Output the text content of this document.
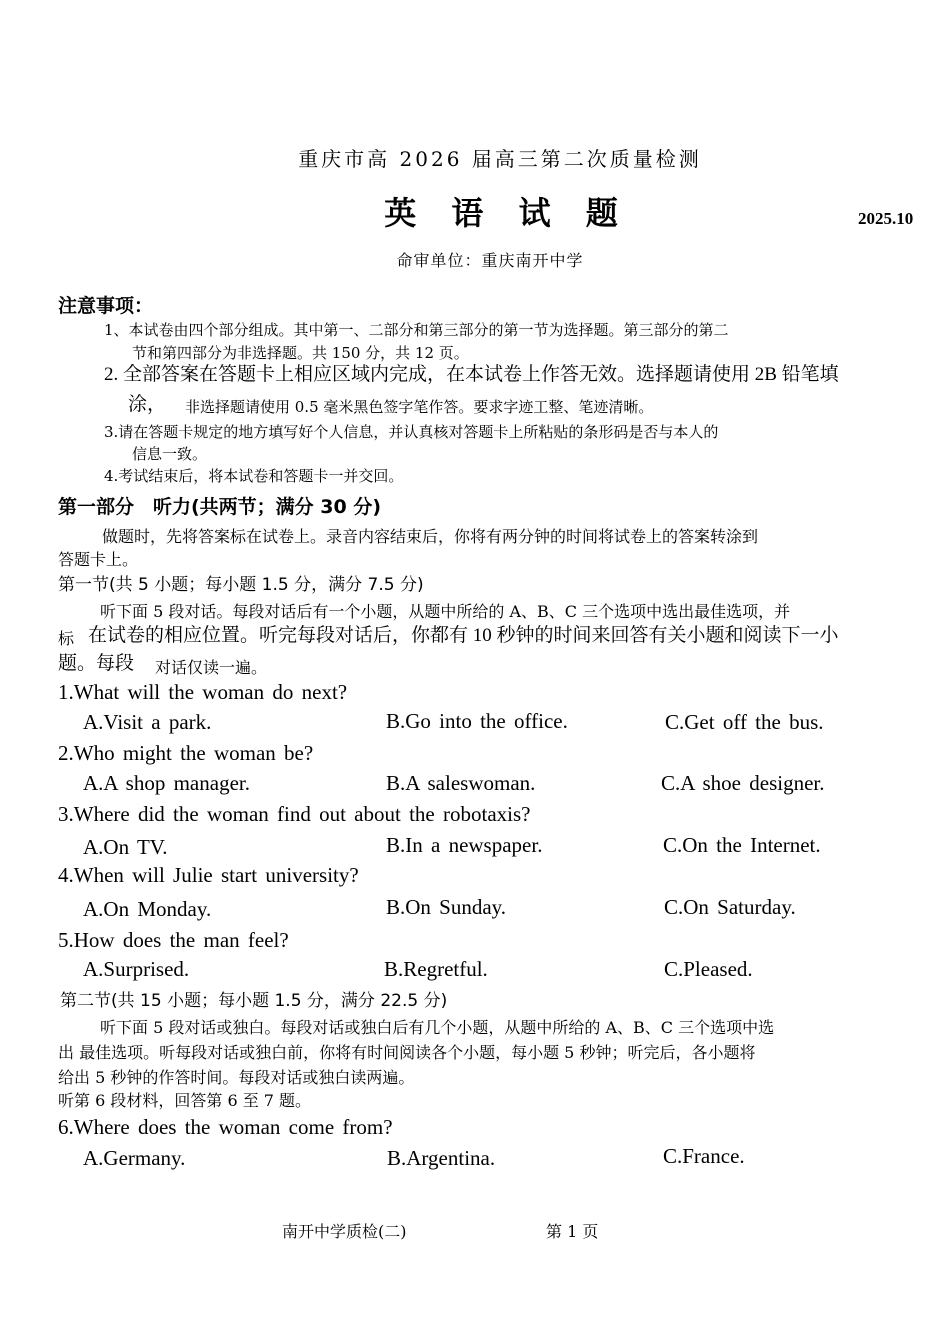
重庆市高 2026 届高三第二次质量检测
英 语 试 题	2025.10
命审单位：重庆南开中学
注意事项：
1、本试卷由四个部分组成。其中第一、二部分和第三部分的第一节为选择题。第三部分的第二
节和第四部分为非选择题。共 150 分，共 12 页。
2. 全部答案在答题卡上相应区域内完成，在本试卷上作答无效。选择题请使用 2B 铅笔填
涂， 非选择题请使用 0.5 毫米黑色签字笔作答。要求字迹工整、笔迹清晰。
3.请在答题卡规定的地方填写好个人信息，并认真核对答题卡上所粘贴的条形码是否与本人的
信息一致。
4.考试结束后，将本试卷和答题卡一并交回。
第一部分　听力(共两节；满分 30 分)
做题时，先将答案标在试卷上。录音内容结束后，你将有两分钟的时间将试卷上的答案转涂到
答题卡上。
第一节(共 5 小题；每小题 1.5 分，满分 7.5 分)
听下面 5 段对话。每段对话后有一个小题，从题中所给的 A、B、C 三个选项中选出最佳选项，并
标 在试卷的相应位置。听完每段对话后，你都有 10 秒钟的时间来回答有关小题和阅读下一小
题。每段 对话仅读一遍。
1.What will the woman do next?
A.Visit a park.	B.Go into the office.	C.Get off the bus.
2.Who might the woman be?
A.A shop manager.	B.A saleswoman.	C.A shoe designer.
3.Where did the woman find out about the robotaxis?
A.On TV.	B.In a newspaper.	C.On the Internet.
4.When will Julie start university?
A.On Monday.	B.On Sunday.	C.On Saturday.
5.How does the man feel?
A.Surprised.	B.Regretful.	C.Pleased.
第二节(共 15 小题；每小题 1.5 分，满分 22.5 分)
听下面 5 段对话或独白。每段对话或独白后有几个小题，从题中所给的 A、B、C 三个选项中选
出 最佳选项。听每段对话或独白前，你将有时间阅读各个小题，每小题 5 秒钟；听完后，各小题将
给出 5 秒钟的作答时间。每段对话或独白读两遍。
听第 6 段材料，回答第 6 至 7 题。
6.Where does the woman come from?
A.Germany.	B.Argentina.	C.France.
南开中学质检(二)	第 1 页
